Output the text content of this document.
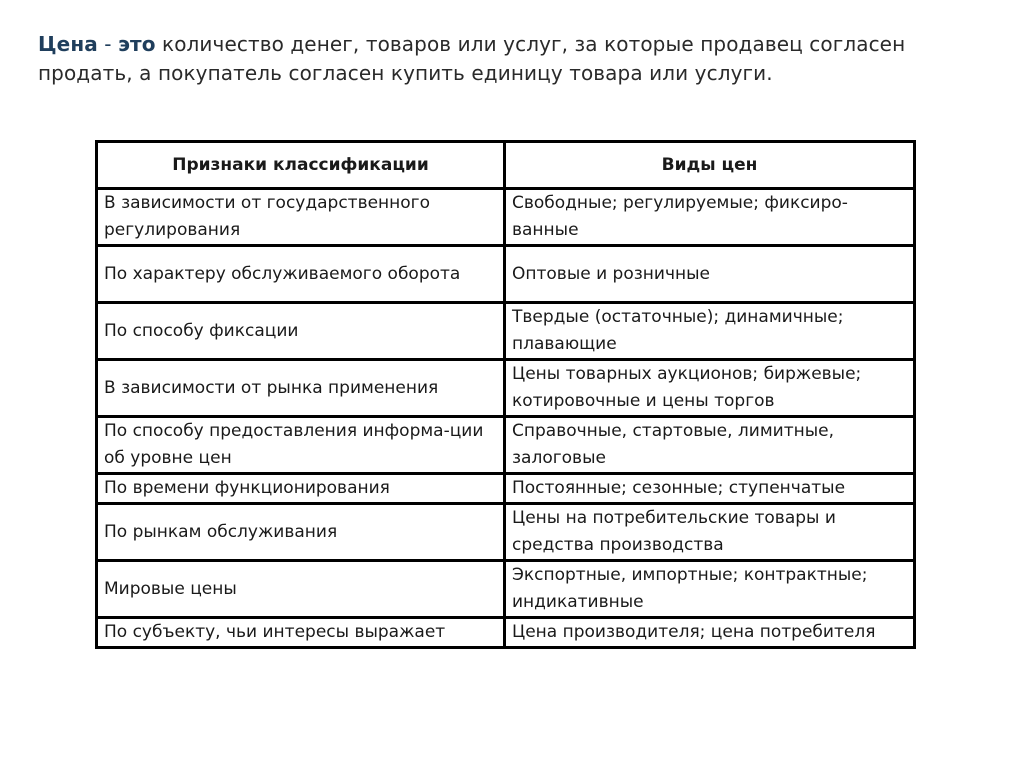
Цена - это количество денег, товаров или услуг, за которые продавец согласен продать, а покупатель согласен купить единицу товара или услуги.
Признаки классификации	Виды цен
В зависимости от государственного регулирования	Свободные; регулируемые; фиксиро-ванные
По характеру обслуживаемого оборота	Оптовые и розничные
По способу фиксации	Твердые (остаточные); динамичные; плавающие
В зависимости от рынка применения	Цены товарных аукционов; биржевые; котировочные и цены торгов
По способу предоставления информа-ции об уровне цен	Справочные, стартовые, лимитные, залоговые
По времени функционирования	Постоянные; сезонные; ступенчатые
По рынкам обслуживания	Цены на потребительские товары и средства производства
Мировые цены	Экспортные, импортные; контрактные; индикативные
По субъекту, чьи интересы выражает	Цена производителя; цена потребителя
